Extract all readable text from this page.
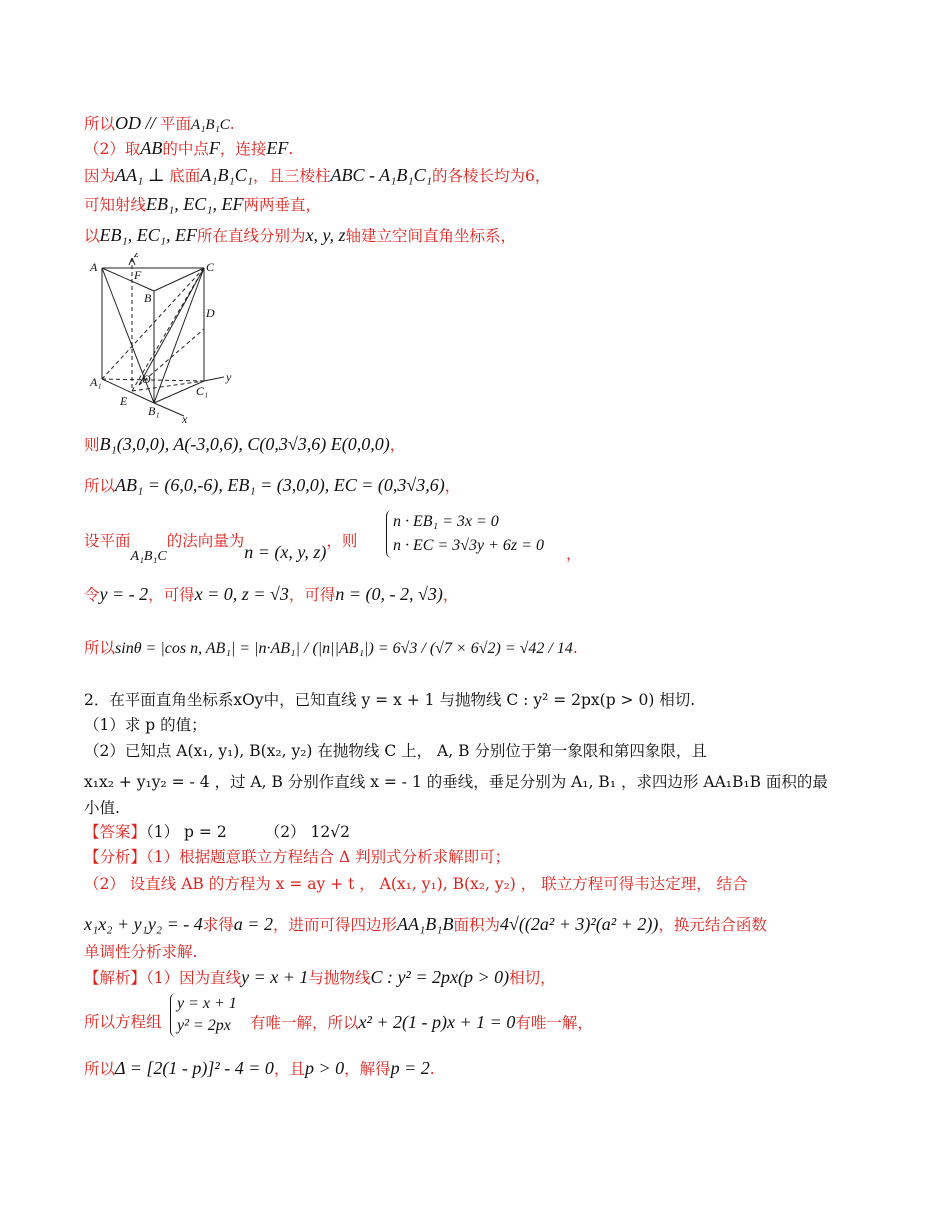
所以OD // 平面A₁B₁C.
（2）取AB的中点F，连接EF.
因为AA₁ ⊥ 底面A₁B₁C₁，且三棱柱ABC - A₁B₁C₁的各棱长均为6，
可知射线EB₁, EC₁, EF两两垂直，
以EB₁, EC₁, EF所在直线分别为x, y, z轴建立空间直角坐标系，
A
z
F
C
B
D
A₁	O	y
C₁
E
B₁
x
则B₁(3,0,0), A(-3,0,6), C(0,3√3,6) E(0,0,0)，
所以AB₁ = (6,0,-6), EB₁ = (3,0,0), EC = (0,3√3,6)，
设平面A₁B₁C的法向量为n = (x, y, z)，则
n · EB₁ = 3x = 0
n · EC = 3√3y + 6z = 0 ，
令y = - 2，可得x = 0, z = √3，可得n = (0, - 2, √3)，
所以sinθ = |cos n, AB₁| = |n·AB₁| / (|n||AB₁|) = 6√3 / (√7 × 6√2) = √42 / 14.
2．在平面直角坐标系xOy中，已知直线 y = x + 1 与抛物线 C : y² = 2px(p > 0) 相切.
（1）求 p 的值；
（2）已知点 A(x₁, y₁), B(x₂, y₂) 在抛物线 C 上， A, B 分别位于第一象限和第四象限，且
x₁x₂ + y₁y₂ = - 4 ，过 A, B 分别作直线 x = - 1 的垂线，垂足分别为 A₁, B₁ ，求四边形 AA₁B₁B 面积的最
小值.
【答案】（1） p = 2 （2） 12√2
【分析】（1）根据题意联立方程结合 Δ 判别式分析求解即可；
（2） 设直线 AB 的方程为 x = ay + t ， A(x₁, y₁), B(x₂, y₂) ， 联立方程可得韦达定理， 结合
x₁x₂ + y₁y₂ = - 4求得a = 2，进而可得四边形AA₁B₁B面积为4√((2a² + 3)²(a² + 2))，换元结合函数
单调性分析求解.
【解析】（1）因为直线y = x + 1与抛物线C : y² = 2px(p > 0)相切，
所以方程组
y = x + 1
y² = 2px	有唯一解，所以x² + 2(1 - p)x + 1 = 0有唯一解，
所以Δ = [2(1 - p)]² - 4 = 0，且p > 0，解得p = 2.
